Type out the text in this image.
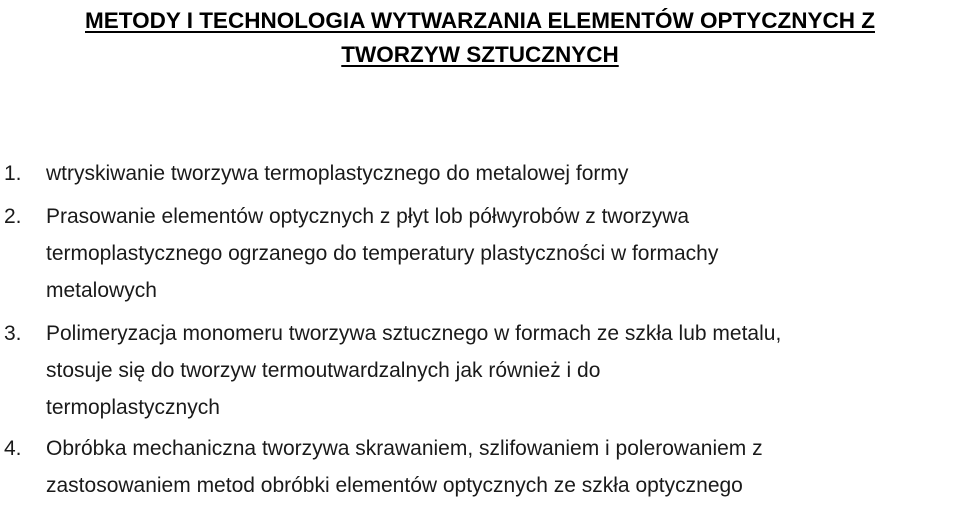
METODY I TECHNOLOGIA WYTWARZANIA ELEMENTÓW OPTYCZNYCH Z
TWORZYW SZTUCZNYCH
1. wtryskiwanie tworzywa termoplastycznego do metalowej formy
2. Prasowanie elementów optycznych z płyt lob półwyrobów z tworzywa
termoplastycznego ogrzanego do temperatury plastyczności w formachy
metalowych
3. Polimeryzacja monomeru tworzywa sztucznego w formach ze szkła lub metalu,
stosuje się do tworzyw termoutwardzalnych jak również i do
termoplastycznych
4. Obróbka mechaniczna tworzywa skrawaniem, szlifowaniem i polerowaniem z
zastosowaniem metod obróbki elementów optycznych ze szkła optycznego
